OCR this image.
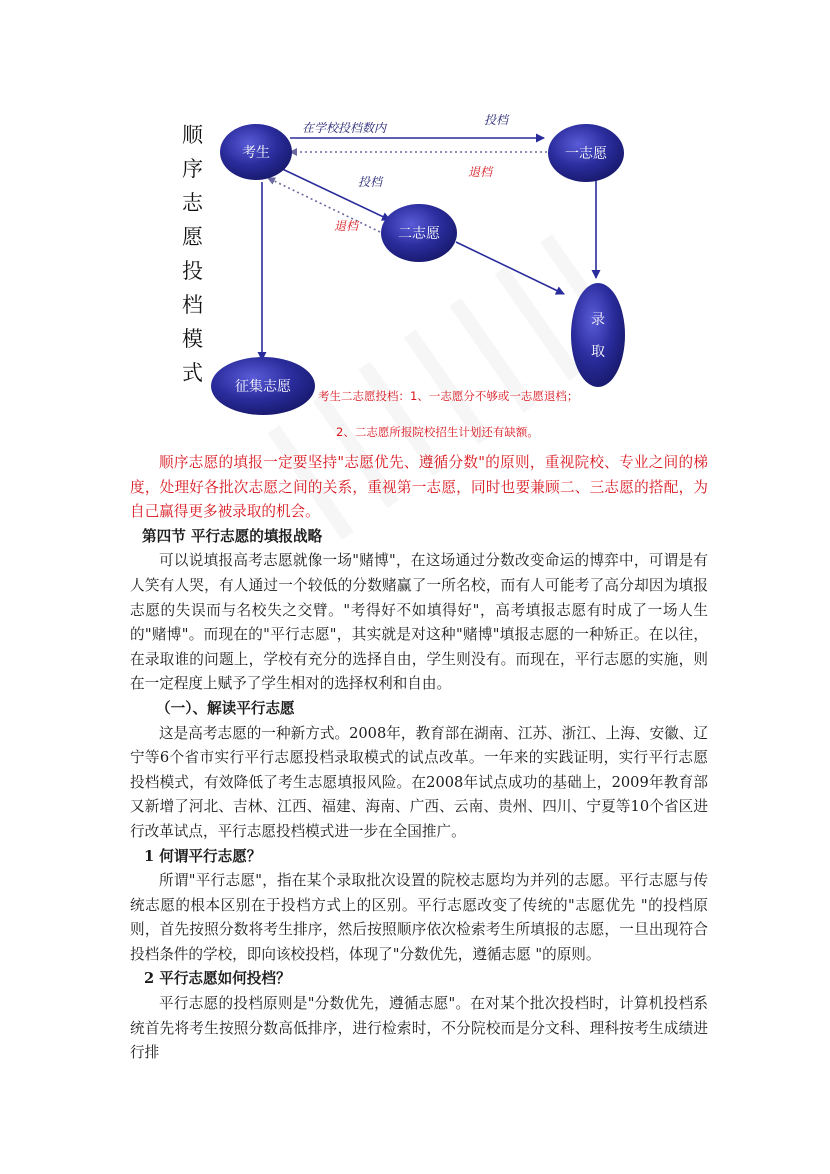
顺
序
志
愿
投
档
模
式
考生	一志愿
二志愿
录
取
征集志愿
在学校投档数内
投档
退档
投档
退档
考生二志愿投档：1、一志愿分不够或一志愿退档；
2、二志愿所报院校招生计划还有缺额。

顺序志愿的填报一定要坚持"志愿优先、遵循分数"的原则，重视院校、专业之间的梯度，处理好各批次志愿之间的关系，重视第一志愿，同时也要兼顾二、三志愿的搭配，为自己赢得更多被录取的机会。

第四节 平行志愿的填报战略

可以说填报高考志愿就像一场"赌博"，在这场通过分数改变命运的博弈中，可谓是有人笑有人哭，有人通过一个较低的分数赌赢了一所名校，而有人可能考了高分却因为填报志愿的失误而与名校失之交臂。"考得好不如填得好"，高考填报志愿有时成了一场人生的"赌博"。而现在的"平行志愿"，其实就是对这种"赌博"填报志愿的一种矫正。在以往，在录取谁的问题上，学校有充分的选择自由，学生则没有。而现在，平行志愿的实施，则在一定程度上赋予了学生相对的选择权利和自由。

（一）、解读平行志愿

这是高考志愿的一种新方式。2008年，教育部在湖南、江苏、浙江、上海、安徽、辽宁等6个省市实行平行志愿投档录取模式的试点改革。一年来的实践证明，实行平行志愿投档模式，有效降低了考生志愿填报风险。在2008年试点成功的基础上，2009年教育部又新增了河北、吉林、江西、福建、海南、广西、云南、贵州、四川、宁夏等10个省区进行改革试点，平行志愿投档模式进一步在全国推广。

1 何谓平行志愿？

所谓"平行志愿"，指在某个录取批次设置的院校志愿均为并列的志愿。平行志愿与传统志愿的根本区别在于投档方式上的区别。平行志愿改变了传统的"志愿优先 "的投档原则，首先按照分数将考生排序，然后按照顺序依次检索考生所填报的志愿，一旦出现符合投档条件的学校，即向该校投档，体现了"分数优先，遵循志愿 "的原则。

2 平行志愿如何投档？

平行志愿的投档原则是"分数优先，遵循志愿"。在对某个批次投档时，计算机投档系统首先将考生按照分数高低排序，进行检索时，不分院校而是分文科、理科按考生成绩进行排
